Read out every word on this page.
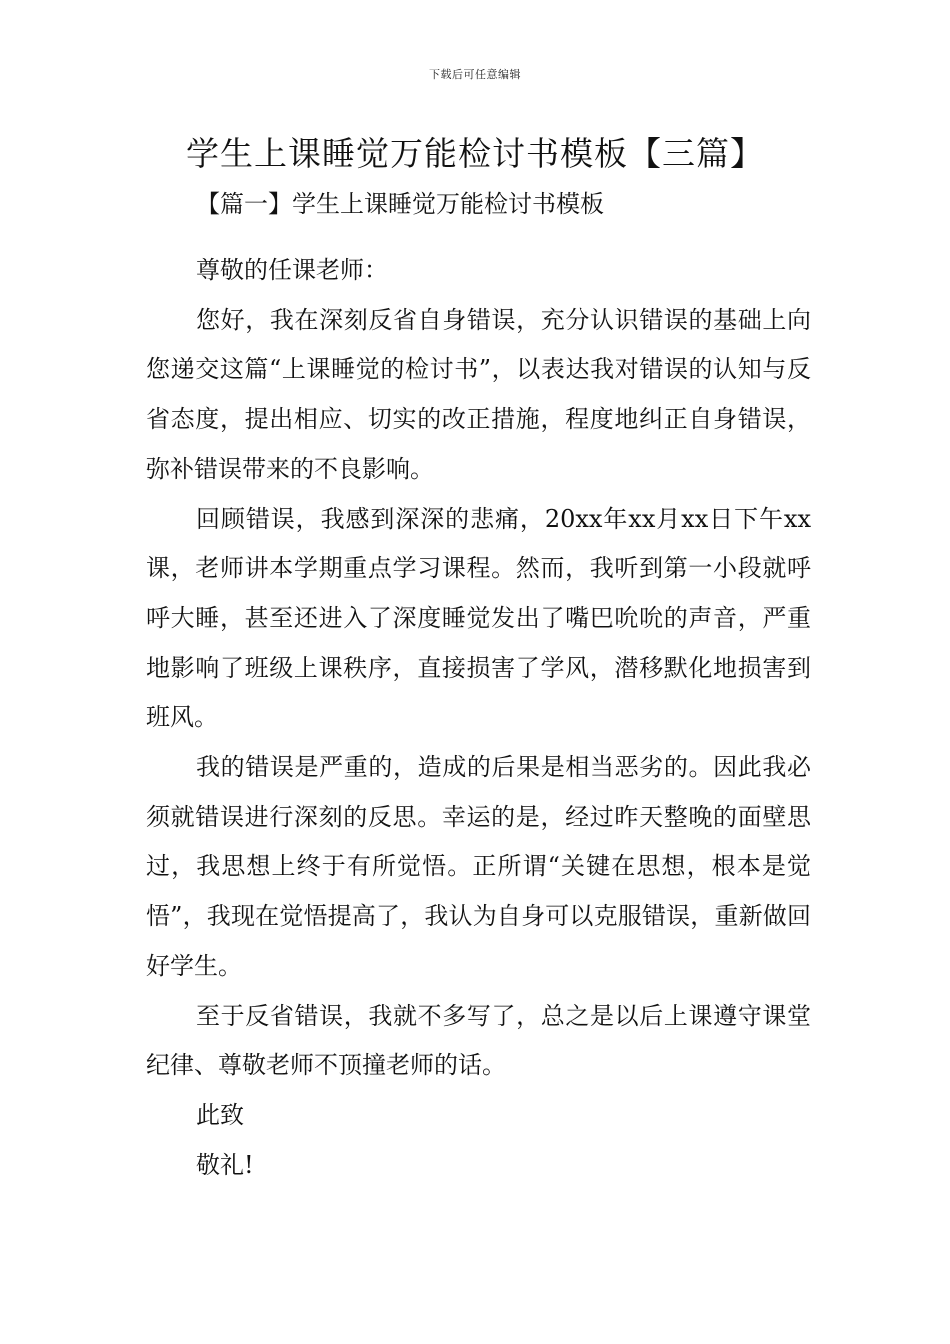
下载后可任意编辑
学生上课睡觉万能检讨书模板【三篇】
【篇一】学生上课睡觉万能检讨书模板

尊敬的任课老师：

您好，我在深刻反省自身错误，充分认识错误的基础上向您递交这篇“上课睡觉的检讨书”，以表达我对错误的认知与反省态度，提出相应、切实的改正措施，程度地纠正自身错误，弥补错误带来的不良影响。

回顾错误，我感到深深的悲痛，20xx年xx月xx日下午xx课，老师讲本学期重点学习课程。然而，我听到第一小段就呼呼大睡，甚至还进入了深度睡觉发出了嘴巴吮吮的声音，严重地影响了班级上课秩序，直接损害了学风，潜移默化地损害到班风。

我的错误是严重的，造成的后果是相当恶劣的。因此我必须就错误进行深刻的反思。幸运的是，经过昨天整晚的面壁思过，我思想上终于有所觉悟。正所谓“关键在思想，根本是觉悟”，我现在觉悟提高了，我认为自身可以克服错误，重新做回好学生。

至于反省错误，我就不多写了，总之是以后上课遵守课堂纪律、尊敬老师不顶撞老师的话。

此致

敬礼!
